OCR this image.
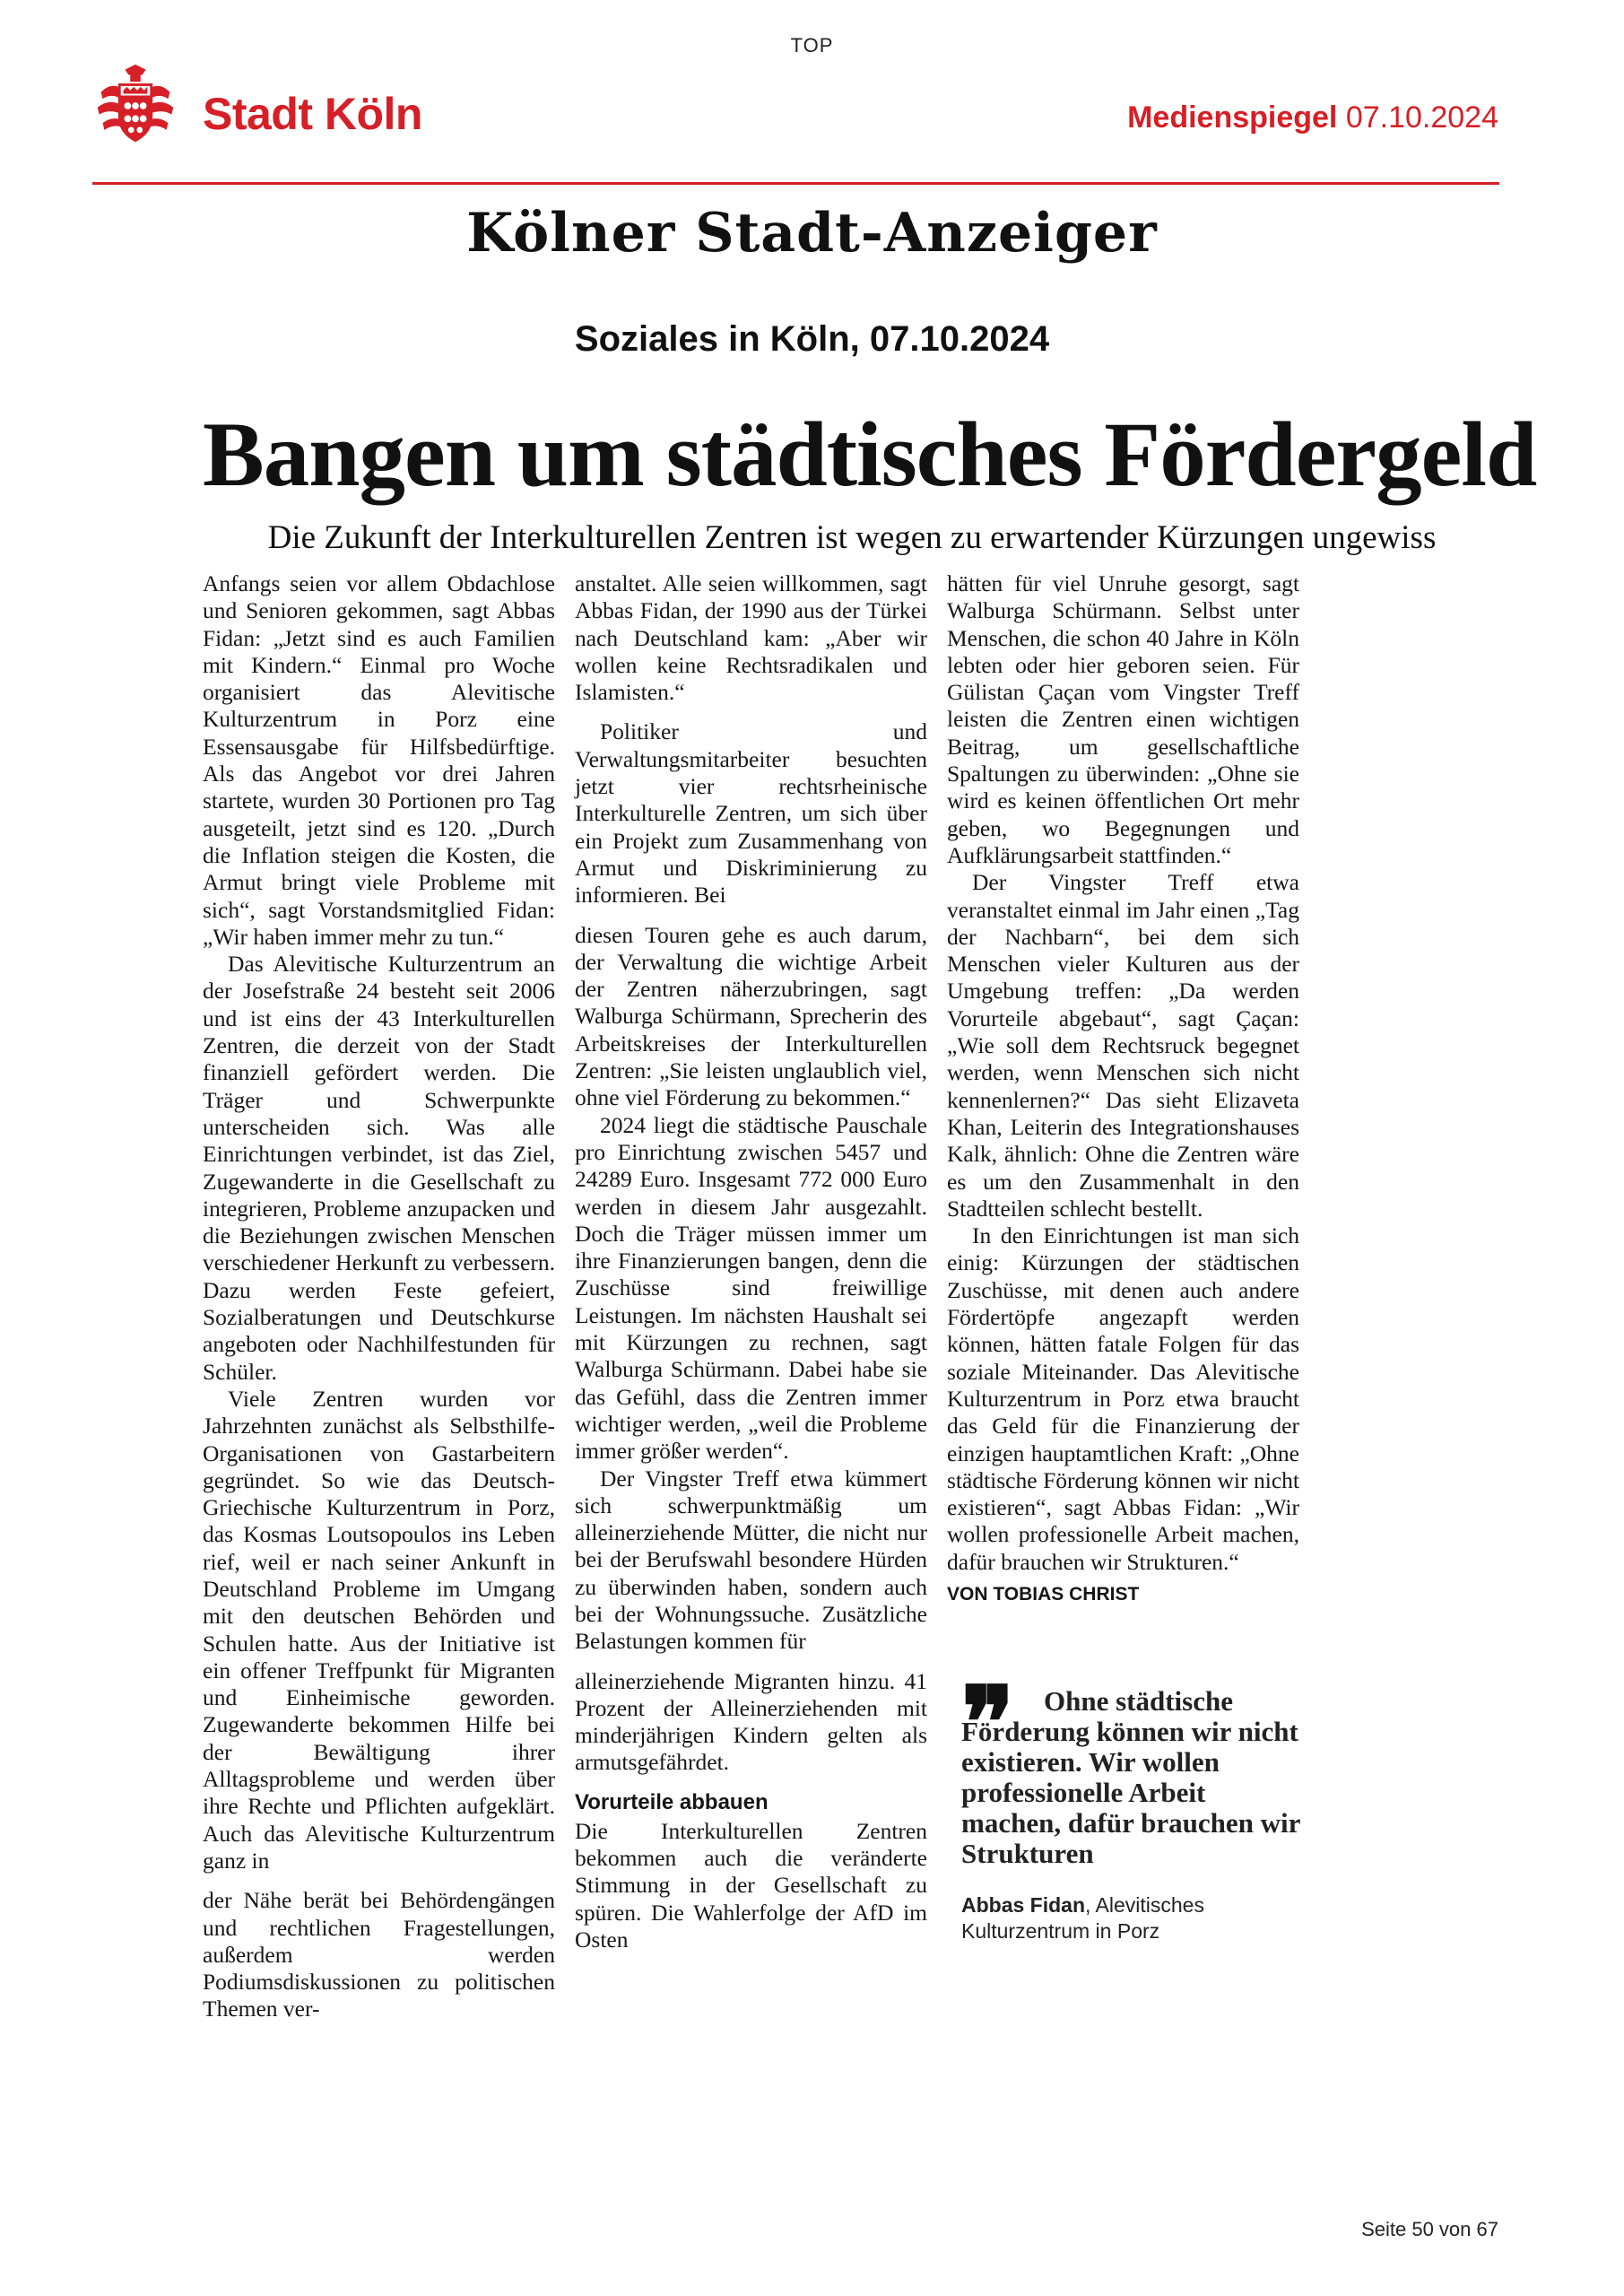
TOP
Stadt Köln	Medienspiegel 07.10.2024
Kölner Stadt-Anzeiger
Soziales in Köln, 07.10.2024
Bangen um städtisches Fördergeld
Die Zukunft der Interkulturellen Zentren ist wegen zu erwartender Kürzungen ungewiss

Anfangs seien vor allem Obdachlose und Senioren gekommen, sagt Abbas Fidan: „Jetzt sind es auch Familien mit Kindern.“ Einmal pro Woche organisiert das Alevitische Kulturzentrum in Porz eine Essensausgabe für Hilfsbedürftige. Als das Angebot vor drei Jahren startete, wurden 30 Portionen pro Tag ausgeteilt, jetzt sind es 120. „Durch die Inflation steigen die Kosten, die Armut bringt viele Probleme mit sich“, sagt Vorstandsmitglied Fidan: „Wir haben immer mehr zu tun.“

Das Alevitische Kulturzentrum an der Josefstraße 24 besteht seit 2006 und ist eins der 43 Interkulturellen Zentren, die derzeit von der Stadt finanziell gefördert werden. Die Träger und Schwerpunkte unterscheiden sich. Was alle Einrichtungen verbindet, ist das Ziel, Zugewanderte in die Gesellschaft zu integrieren, Probleme anzupacken und die Beziehungen zwischen Menschen verschiedener Herkunft zu verbessern. Dazu werden Feste gefeiert, Sozialberatungen und Deutschkurse angeboten oder Nachhilfestunden für Schüler.

Viele Zentren wurden vor Jahrzehnten zunächst als Selbsthilfe-Organisationen von Gastarbeitern gegründet. So wie das Deutsch-Griechische Kulturzentrum in Porz, das Kosmas Loutsopoulos ins Leben rief, weil er nach seiner Ankunft in Deutschland Probleme im Umgang mit den deutschen Behörden und Schulen hatte. Aus der Initiative ist ein offener Treffpunkt für Migranten und Einheimische geworden. Zugewanderte bekommen Hilfe bei der Bewältigung ihrer Alltagsprobleme und werden über ihre Rechte und Pflichten aufgeklärt. Auch das Alevitische Kulturzentrum ganz in

der Nähe berät bei Behördengängen und rechtlichen Fragestellungen, außerdem werden Podiumsdiskussionen zu politischen Themen ver-

anstaltet. Alle seien willkommen, sagt Abbas Fidan, der 1990 aus der Türkei nach Deutschland kam: „Aber wir wollen keine Rechtsradikalen und Islamisten.“

Politiker und Verwaltungsmitarbeiter besuchten jetzt vier rechtsrheinische Interkulturelle Zentren, um sich über ein Projekt zum Zusammenhang von Armut und Diskriminierung zu informieren. Bei

diesen Touren gehe es auch darum, der Verwaltung die wichtige Arbeit der Zentren näherzubringen, sagt Walburga Schürmann, Sprecherin des Arbeitskreises der Interkulturellen Zentren: „Sie leisten unglaublich viel, ohne viel Förderung zu bekommen.“

2024 liegt die städtische Pauschale pro Einrichtung zwischen 5457 und 24289 Euro. Insgesamt 772 000 Euro werden in diesem Jahr ausgezahlt. Doch die Träger müssen immer um ihre Finanzierungen bangen, denn die Zuschüsse sind freiwillige Leistungen. Im nächsten Haushalt sei mit Kürzungen zu rechnen, sagt Walburga Schürmann. Dabei habe sie das Gefühl, dass die Zentren immer wichtiger werden, „weil die Probleme immer größer werden“.

Der Vingster Treff etwa kümmert sich schwerpunktmäßig um alleinerziehende Mütter, die nicht nur bei der Berufswahl besondere Hürden zu überwinden haben, sondern auch bei der Wohnungssuche. Zusätzliche Belastungen kommen für

alleinerziehende Migranten hinzu. 41 Prozent der Alleinerziehenden mit minderjährigen Kindern gelten als armutsgefährdet.

Vorurteile abbauen

Die Interkulturellen Zentren bekommen auch die veränderte Stimmung in der Gesellschaft zu spüren. Die Wahlerfolge der AfD im Osten

hätten für viel Unruhe gesorgt, sagt Walburga Schürmann. Selbst unter Menschen, die schon 40 Jahre in Köln lebten oder hier geboren seien. Für Gülistan Çaçan vom Vingster Treff leisten die Zentren einen wichtigen Beitrag, um gesellschaftliche Spaltungen zu überwinden: „Ohne sie wird es keinen öffentlichen Ort mehr geben, wo Begegnungen und Aufklärungsarbeit stattfinden.“

Der Vingster Treff etwa veranstaltet einmal im Jahr einen „Tag der Nachbarn“, bei dem sich Menschen vieler Kulturen aus der Umgebung treffen: „Da werden Vorurteile abgebaut“, sagt Çaçan: „Wie soll dem Rechtsruck begegnet werden, wenn Menschen sich nicht kennenlernen?“ Das sieht Elizaveta Khan, Leiterin des Integrationshauses Kalk, ähnlich: Ohne die Zentren wäre es um den Zusammenhalt in den Stadtteilen schlecht bestellt.

In den Einrichtungen ist man sich einig: Kürzungen der städtischen Zuschüsse, mit denen auch andere Fördertöpfe angezapft werden können, hätten fatale Folgen für das soziale Miteinander. Das Alevitische Kulturzentrum in Porz etwa braucht das Geld für die Finanzierung der einzigen hauptamtlichen Kraft: „Ohne städtische Förderung können wir nicht existieren“, sagt Abbas Fidan: „Wir wollen professionelle Arbeit machen, dafür brauchen wir Strukturen.“

VON TOBIAS CHRIST
❞	Ohne städtische Förderung können wir nicht existieren. Wir wollen professionelle Arbeit machen, dafür brauchen wir Strukturen
Abbas Fidan, Alevitisches Kulturzentrum in Porz
Seite 50 von 67
